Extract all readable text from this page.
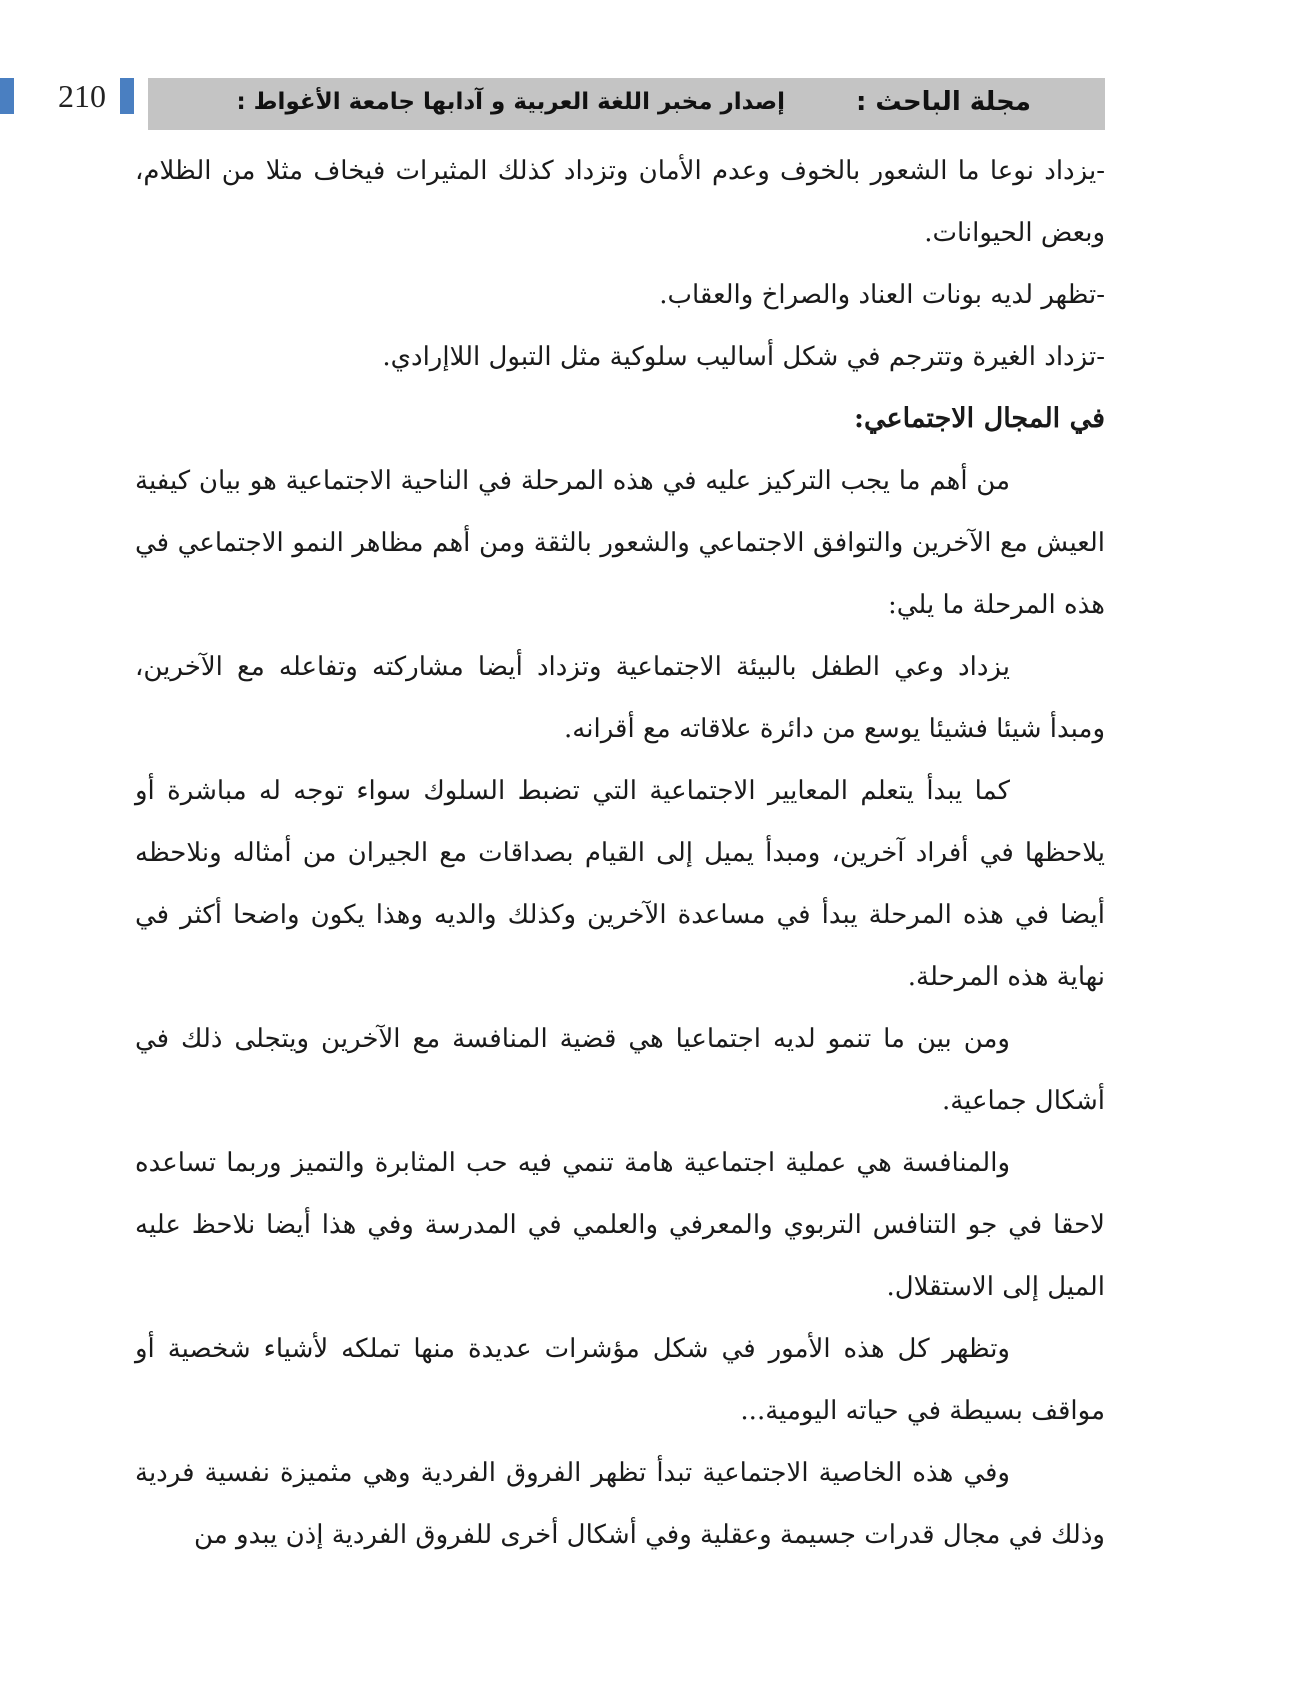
210	مجلة الباحث :
إصدار مخبر اللغة العربية و آدابها جامعة الأغواط :

-يزداد نوعا ما الشعور بالخوف وعدم الأمان وتزداد كذلك المثيرات فيخاف مثلا من الظلام، وبعض الحيوانات.

-تظهر لديه بونات العناد والصراخ والعقاب.

-تزداد الغيرة وتترجم في شكل أساليب سلوكية مثل التبول اللاإرادي.

في المجال الاجتماعي:

من أهم ما يجب التركيز عليه في هذه المرحلة في الناحية الاجتماعية هو بيان كيفية العيش مع الآخرين والتوافق الاجتماعي والشعور بالثقة ومن أهم مظاهر النمو الاجتماعي في هذه المرحلة ما يلي:

يزداد وعي الطفل بالبيئة الاجتماعية وتزداد أيضا مشاركته وتفاعله مع الآخرين، ومبدأ شيئا فشيئا يوسع من دائرة علاقاته مع أقرانه.

كما يبدأ يتعلم المعايير الاجتماعية التي تضبط السلوك سواء توجه له مباشرة أو يلاحظها في أفراد آخرين، ومبدأ يميل إلى القيام بصداقات مع الجيران من أمثاله ونلاحظه أيضا في هذه المرحلة يبدأ في مساعدة الآخرين وكذلك والديه وهذا يكون واضحا أكثر في نهاية هذه المرحلة.

ومن بين ما تنمو لديه اجتماعيا هي قضية المنافسة مع الآخرين ويتجلى ذلك في أشكال جماعية.

والمنافسة هي عملية اجتماعية هامة تنمي فيه حب المثابرة والتميز وربما تساعده لاحقا في جو التنافس التربوي والمعرفي والعلمي في المدرسة وفي هذا أيضا نلاحظ عليه الميل إلى الاستقلال.

وتظهر كل هذه الأمور في شكل مؤشرات عديدة منها تملكه لأشياء شخصية أو مواقف بسيطة في حياته اليومية...

وفي هذه الخاصية الاجتماعية تبدأ تظهر الفروق الفردية وهي مثميزة نفسية فردية وذلك في مجال قدرات جسيمة وعقلية وفي أشكال أخرى للفروق الفردية إذن يبدو من
